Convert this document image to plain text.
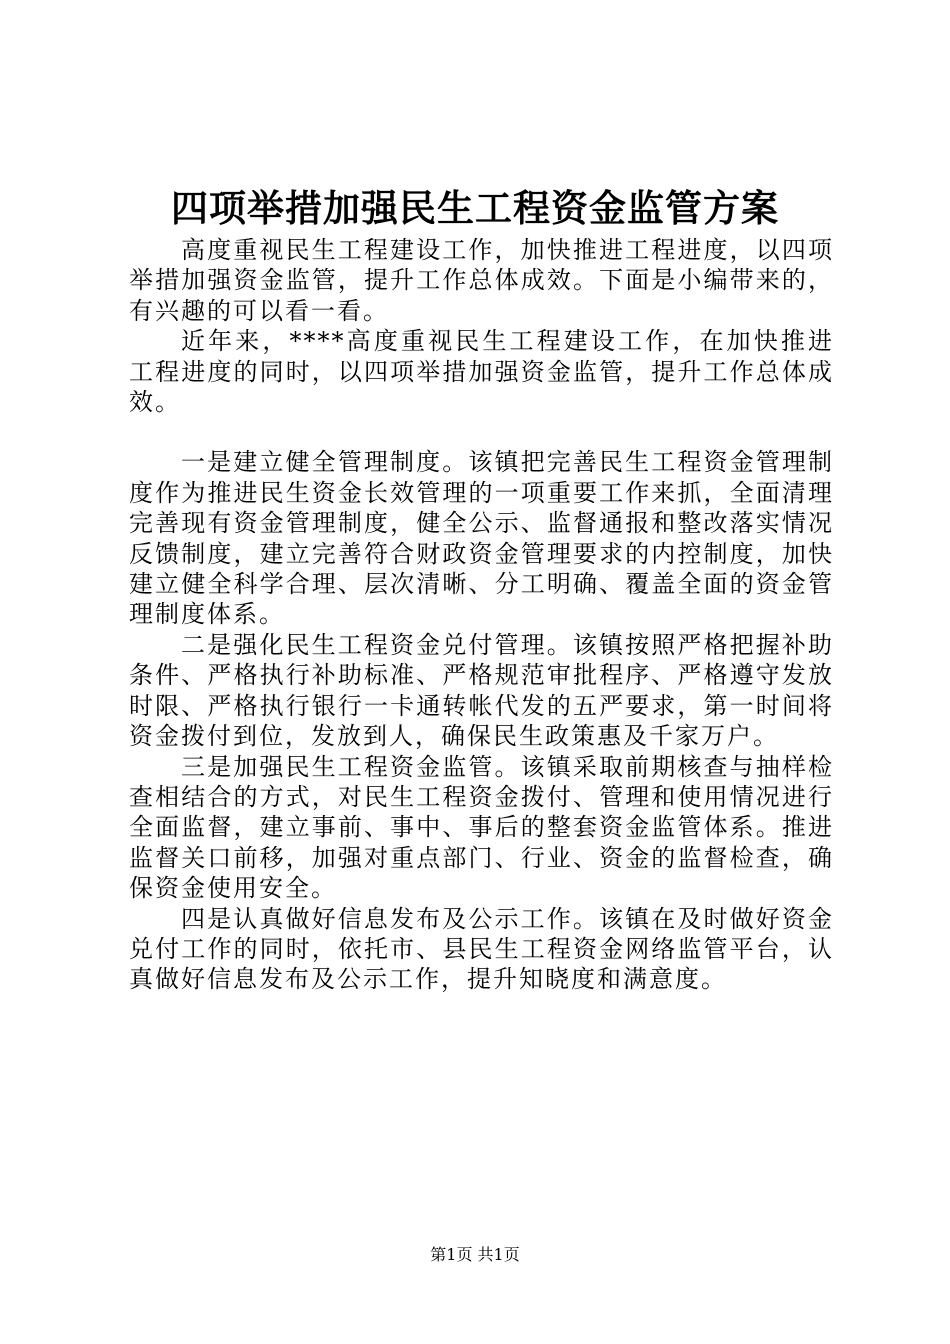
四项举措加强民生工程资金监管方案

高度重视民生工程建设工作，加快推进工程进度，以四项举措加强资金监管，提升工作总体成效。下面是小编带来的，有兴趣的可以看一看。

近年来，****高度重视民生工程建设工作，在加快推进工程进度的同时，以四项举措加强资金监管，提升工作总体成效。

一是建立健全管理制度。该镇把完善民生工程资金管理制度作为推进民生资金长效管理的一项重要工作来抓，全面清理完善现有资金管理制度，健全公示、监督通报和整改落实情况反馈制度，建立完善符合财政资金管理要求的内控制度，加快建立健全科学合理、层次清晰、分工明确、覆盖全面的资金管理制度体系。

二是强化民生工程资金兑付管理。该镇按照严格把握补助条件、严格执行补助标准、严格规范审批程序、严格遵守发放时限、严格执行银行一卡通转帐代发的五严要求，第一时间将资金拨付到位，发放到人，确保民生政策惠及千家万户。

三是加强民生工程资金监管。该镇采取前期核查与抽样检查相结合的方式，对民生工程资金拨付、管理和使用情况进行全面监督，建立事前、事中、事后的整套资金监管体系。推进监督关口前移，加强对重点部门、行业、资金的监督检查，确保资金使用安全。

四是认真做好信息发布及公示工作。该镇在及时做好资金兑付工作的同时，依托市、县民生工程资金网络监管平台，认真做好信息发布及公示工作，提升知晓度和满意度。

第1页 共1页
